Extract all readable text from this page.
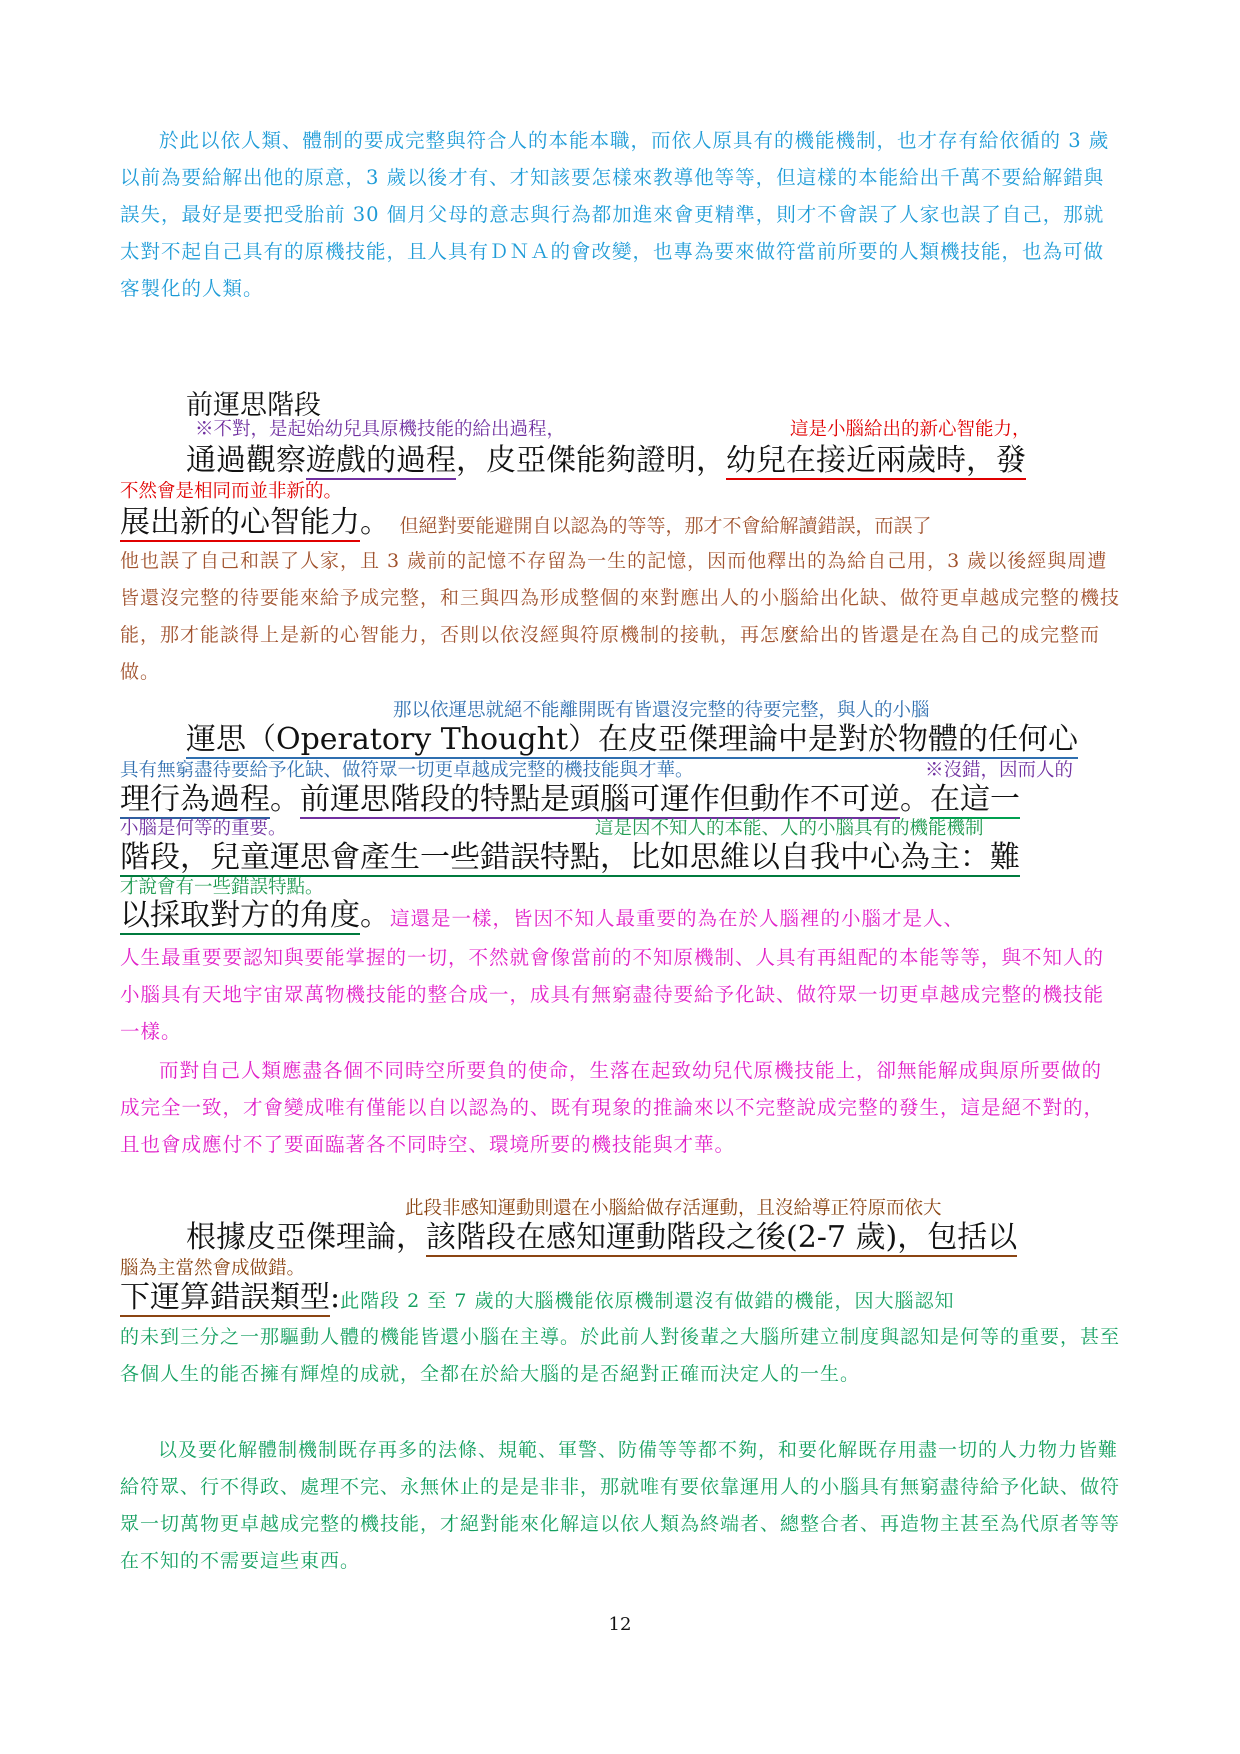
於此以依人類、體制的要成完整與符合人的本能本職，而依人原具有的機能機制，也才存有給依循的 3 歲以前為要給解出他的原意，3 歲以後才有、才知該要怎樣來教導他等等，但這樣的本能給出千萬不要給解錯與誤失，最好是要把受胎前 30 個月父母的意志與行為都加進來會更精準，則才不會誤了人家也誤了自己，那就太對不起自己具有的原機技能，且人具有ＤＮＡ的會改變，也專為要來做符當前所要的人類機技能，也為可做客製化的人類。

前運思階段
※不對，是起始幼兒具原機技能的給出過程，	這是小腦給出的新心智能力，
通過觀察遊戲的過程，皮亞傑能夠證明，幼兒在接近兩歲時，發
不然會是相同而並非新的。
展出新的心智能力。 但絕對要能避開自以認為的等等，那才不會給解讀錯誤，而誤了

他也誤了自己和誤了人家，且 3 歲前的記憶不存留為一生的記憶，因而他釋出的為給自己用，3 歲以後經與周遭皆還沒完整的待要能來給予成完整，和三與四為形成整個的來對應出人的小腦給出化缺、做符更卓越成完整的機技能，那才能談得上是新的心智能力，否則以依沒經與符原機制的接軌，再怎麼給出的皆還是在為自己的成完整而做。

那以依運思就絕不能離開既有皆還沒完整的待要完整，與人的小腦
運思（Operatory Thought）在皮亞傑理論中是對於物體的任何心
具有無窮盡待要給予化缺、做符眾一切更卓越成完整的機技能與才華。	※沒錯，因而人的
理行為過程。前運思階段的特點是頭腦可運作但動作不可逆。在這一
小腦是何等的重要。	這是因不知人的本能、人的小腦具有的機能機制
階段，兒童運思會產生一些錯誤特點，比如思維以自我中心為主：難
才說會有一些錯誤特點。
以採取對方的角度。這還是一樣，皆因不知人最重要的為在於人腦裡的小腦才是人、

人生最重要要認知與要能掌握的一切，不然就會像當前的不知原機制、人具有再組配的本能等等，與不知人的小腦具有天地宇宙眾萬物機技能的整合成一，成具有無窮盡待要給予化缺、做符眾一切更卓越成完整的機技能一樣。

而對自己人類應盡各個不同時空所要負的使命，生落在起致幼兒代原機技能上，卻無能解成與原所要做的成完全一致，才會變成唯有僅能以自以認為的、既有現象的推論來以不完整說成完整的發生，這是絕不對的，且也會成應付不了要面臨著各不同時空、環境所要的機技能與才華。

此段非感知運動則還在小腦給做存活運動，且沒給導正符原而依大
根據皮亞傑理論，該階段在感知運動階段之後(2-7 歲)，包括以
腦為主當然會成做錯。
下運算錯誤類型:此階段 2 至 7 歲的大腦機能依原機制還沒有做錯的機能，因大腦認知

的未到三分之一那驅動人體的機能皆還小腦在主導。於此前人對後輩之大腦所建立制度與認知是何等的重要，甚至各個人生的能否擁有輝煌的成就，全都在於給大腦的是否絕對正確而決定人的一生。

以及要化解體制機制既存再多的法條、規範、軍警、防備等等都不夠，和要化解既存用盡一切的人力物力皆難給符眾、行不得政、處理不完、永無休止的是是非非，那就唯有要依靠運用人的小腦具有無窮盡待給予化缺、做符眾一切萬物更卓越成完整的機技能，才絕對能來化解這以依人類為終端者、總整合者、再造物主甚至為代原者等等在不知的不需要這些東西。

12
